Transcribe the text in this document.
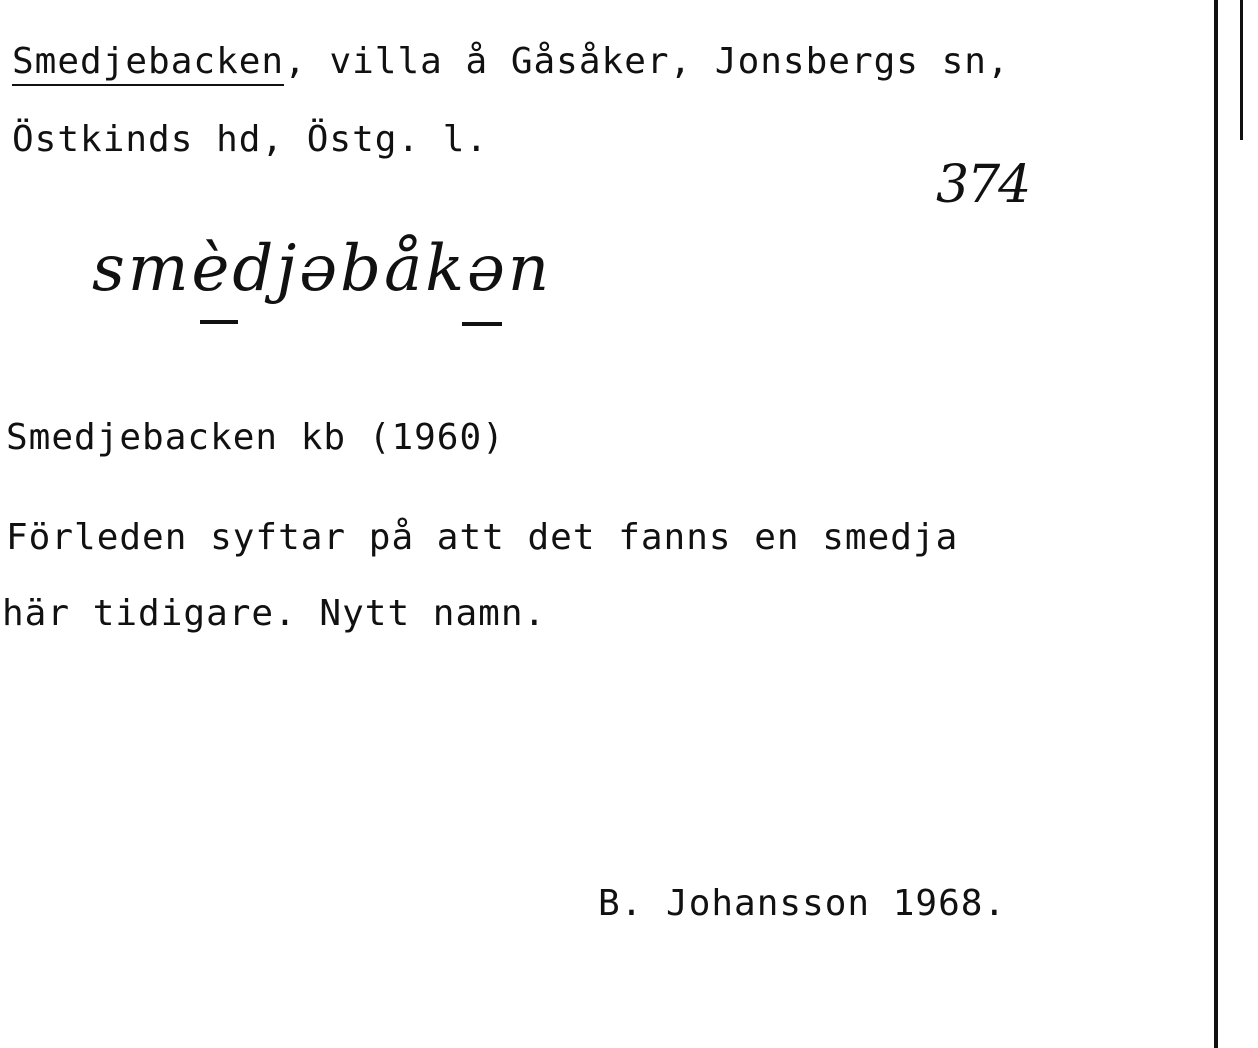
Smedjebacken, villa å Gåsåker, Jonsbergs sn,

Östkinds hd, Östg. l.

374
smèdjəbåkən

Smedjebacken kb (1960)

Förleden syftar på att det fanns en smedja

här tidigare. Nytt namn.

B. Johansson 1968.
